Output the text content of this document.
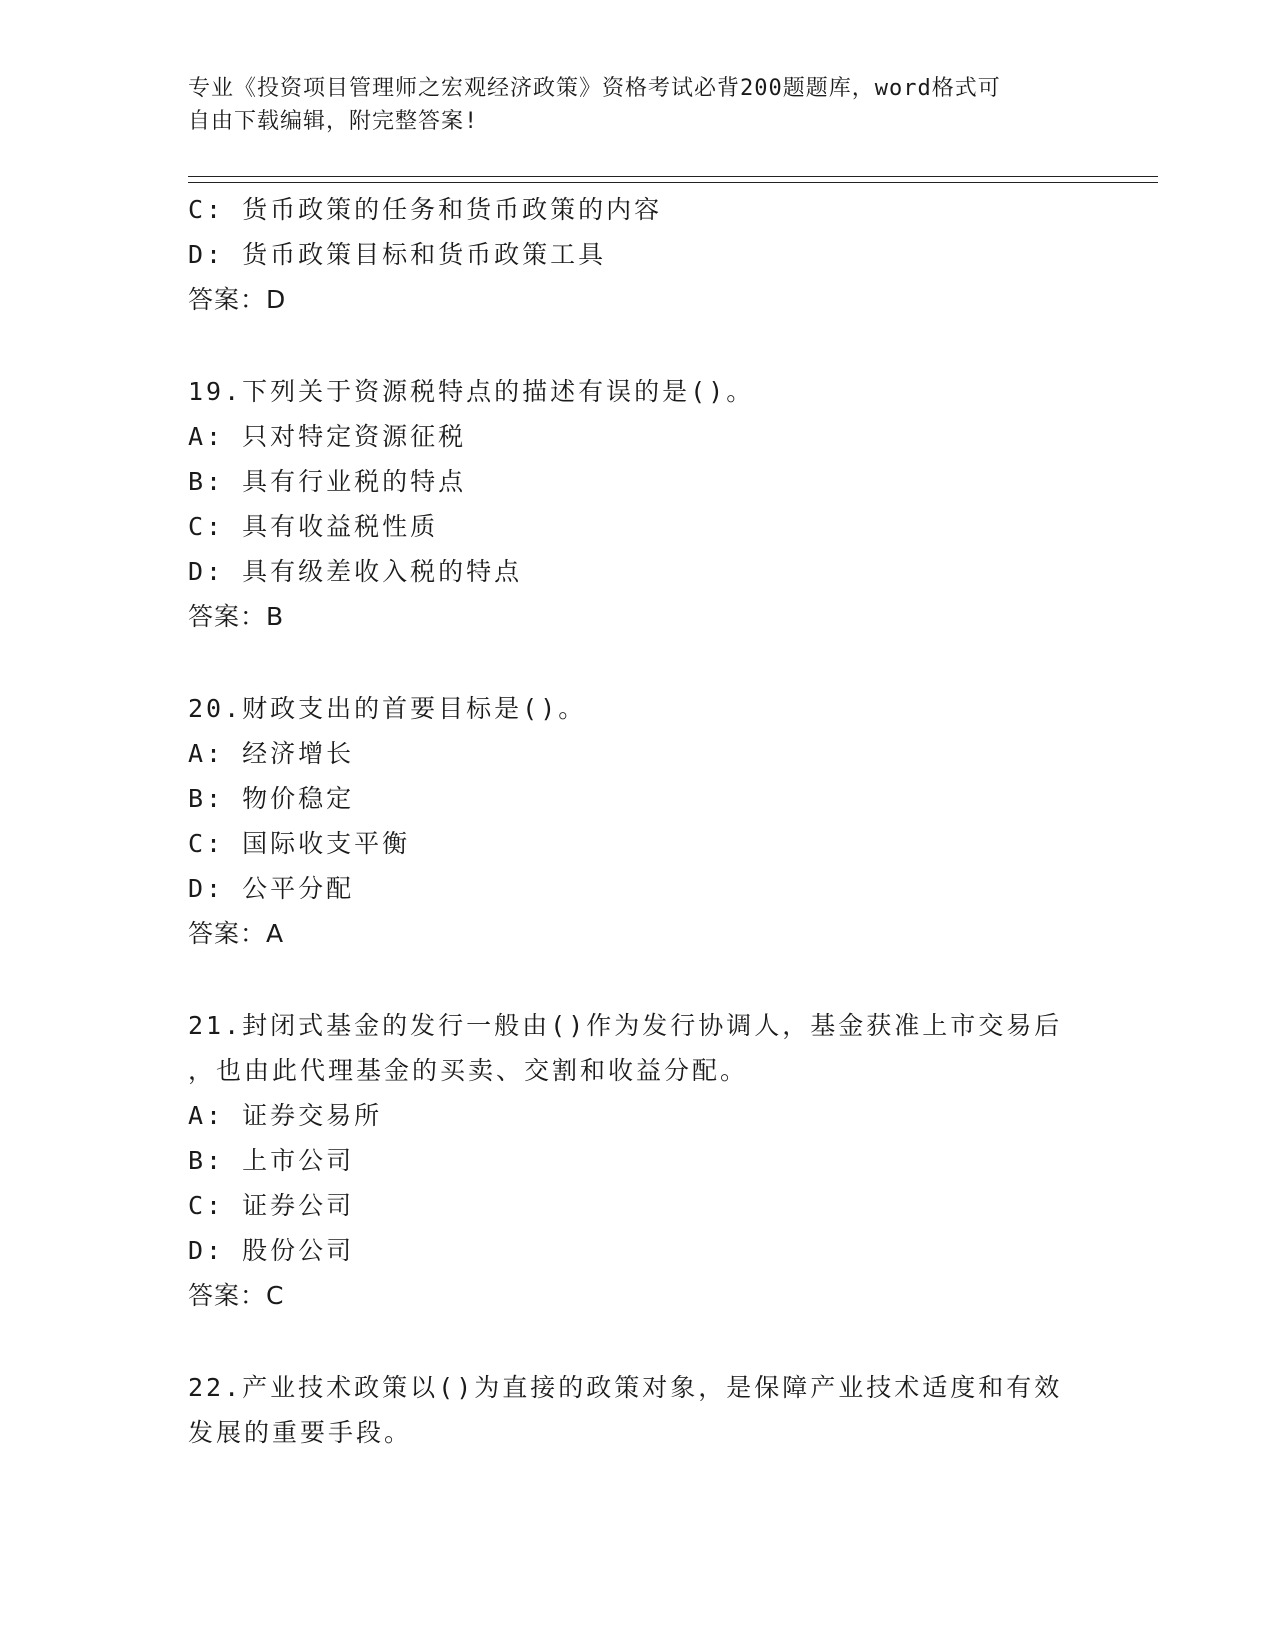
专业《投资项目管理师之宏观经济政策》资格考试必背200题题库，word格式可
自由下载编辑，附完整答案!
C: 货币政策的任务和货币政策的内容
D: 货币政策目标和货币政策工具
答案：D
19.下列关于资源税特点的描述有误的是()。
A: 只对特定资源征税
B: 具有行业税的特点
C: 具有收益税性质
D: 具有级差收入税的特点
答案：B
20.财政支出的首要目标是()。
A: 经济增长
B: 物价稳定
C: 国际收支平衡
D: 公平分配
答案：A
21.封闭式基金的发行一般由()作为发行协调人，基金获准上市交易后
，也由此代理基金的买卖、交割和收益分配。
A: 证券交易所
B: 上市公司
C: 证券公司
D: 股份公司
答案：C
22.产业技术政策以()为直接的政策对象，是保障产业技术适度和有效
发展的重要手段。
